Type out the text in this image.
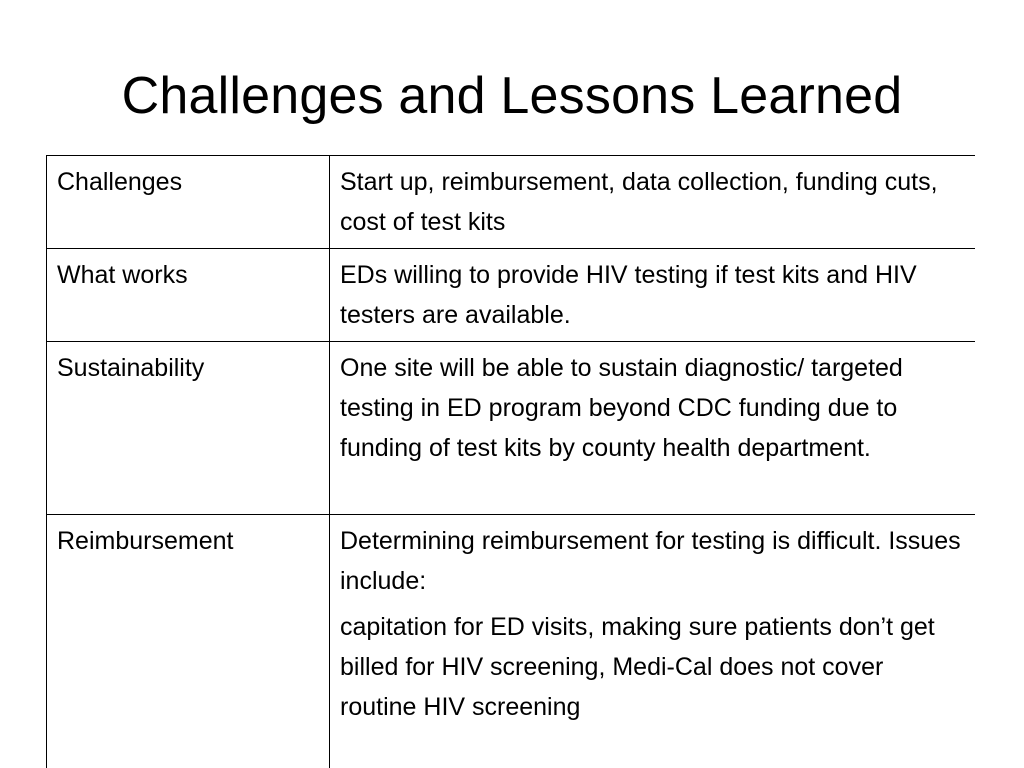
Challenges and Lessons Learned
Challenges	Start up, reimbursement, data collection, funding cuts, cost of test kits
What works	EDs willing to provide HIV testing if test kits and HIV testers are available.
Sustainability	One site will be able to sustain diagnostic/ targeted testing in ED program beyond CDC funding due to funding of test kits by county health department.
Reimbursement	Determining reimbursement for testing is difficult. Issues include:
capitation for ED visits, making sure patients don’t get billed for HIV screening, Medi-Cal does not cover routine HIV screening
